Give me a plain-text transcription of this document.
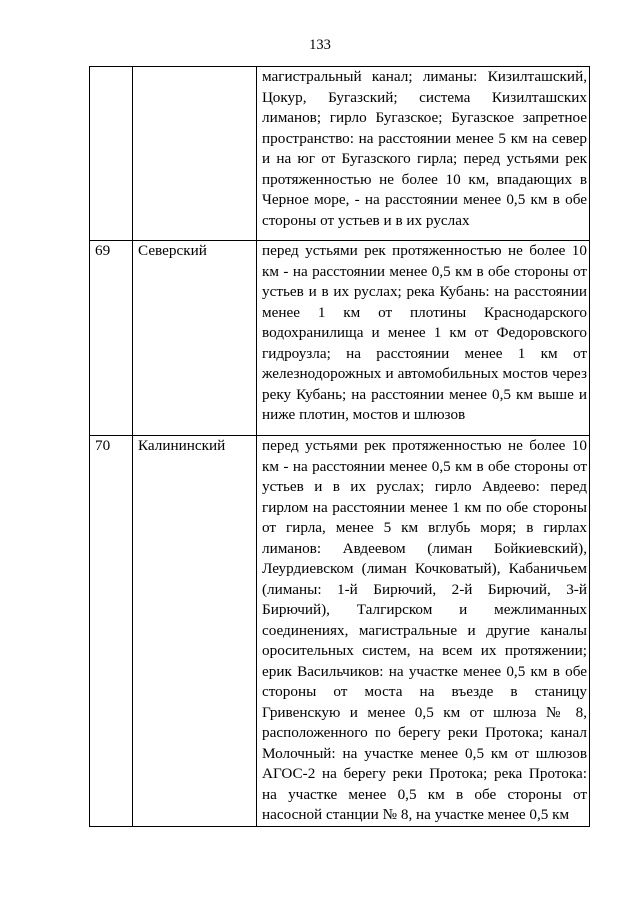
133
		магистральный канал; лиманы: Кизилташский, Цокур, Бугазский; система Кизилташских лиманов; гирло Бугазское; Бугазское запретное пространство: на расстоянии менее 5 км на север и на юг от Бугазского гирла; перед устьями рек протяженностью не более 10 км, впадающих в Черное море, - на расстоянии менее 0,5 км в обе стороны от устьев и в их руслах
69	Северский	перед устьями рек протяженностью не более 10 км - на расстоянии менее 0,5 км в обе стороны от устьев и в их руслах; река Кубань: на расстоянии менее 1 км от плотины Краснодарского водохранилища и менее 1 км от Федоровского гидроузла; на расстоянии менее 1 км от железнодорожных и автомобильных мостов через реку Кубань; на расстоянии менее 0,5 км выше и ниже плотин, мостов и шлюзов
70	Калининский	перед устьями рек протяженностью не более 10 км - на расстоянии менее 0,5 км в обе стороны от устьев и в их руслах; гирло Авдеево: перед гирлом на расстоянии менее 1 км по обе стороны от гирла, менее 5 км вглубь моря; в гирлах лиманов: Авдеевом (лиман Бойкиевский), Леурдиевском (лиман Кочковатый), Кабаничьем (лиманы: 1-й Бирючий, 2-й Бирючий, 3-й Бирючий), Талгирском и межлиманных соединениях, магистральные и другие каналы оросительных систем, на всем их протяжении; ерик Васильчиков: на участке менее 0,5 км в обе стороны от моста на въезде в станицу Гривенскую и менее 0,5 км от шлюза № 8, расположенного по берегу реки Протока; канал Молочный: на участке менее 0,5 км от шлюзов АГОС-2 на берегу реки Протока; река Протока: на участке менее 0,5 км в обе стороны от насосной станции № 8, на участке менее 0,5 км
